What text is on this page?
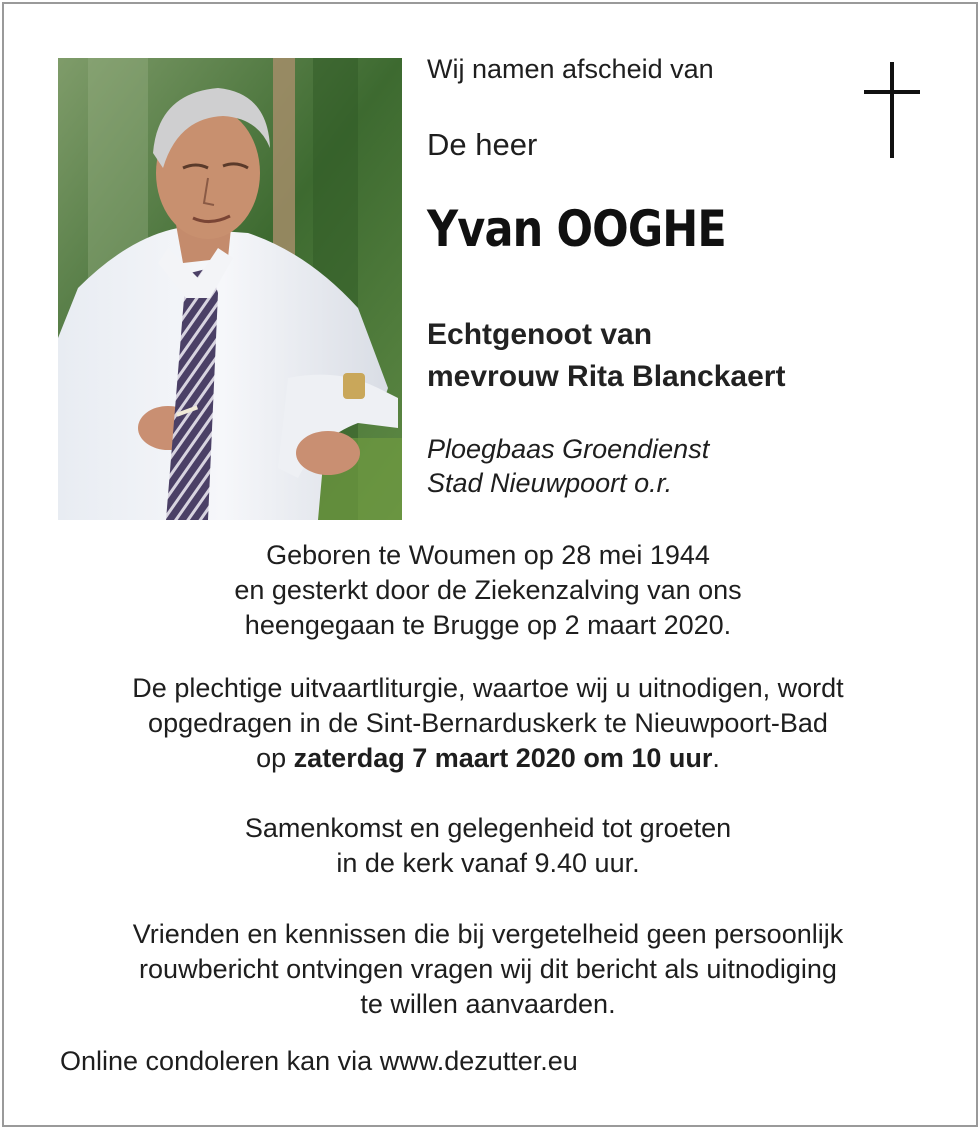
Wij namen afscheid van
De heer
Yvan OOGHE
Echtgenoot van
mevrouw Rita Blanckaert
Ploegbaas Groendienst
Stad Nieuwpoort o.r.
Geboren te Woumen op 28 mei 1944
en gesterkt door de Ziekenzalving van ons
heengegaan te Brugge op 2 maart 2020.
De plechtige uitvaartliturgie, waartoe wij u uitnodigen, wordt
opgedragen in de Sint-Bernarduskerk te Nieuwpoort-Bad
op zaterdag 7 maart 2020 om 10 uur.
Samenkomst en gelegenheid tot groeten
in de kerk vanaf 9.40 uur.
Vrienden en kennissen die bij vergetelheid geen persoonlijk
rouwbericht ontvingen vragen wij dit bericht als uitnodiging
te willen aanvaarden.
Online condoleren kan via www.dezutter.eu
